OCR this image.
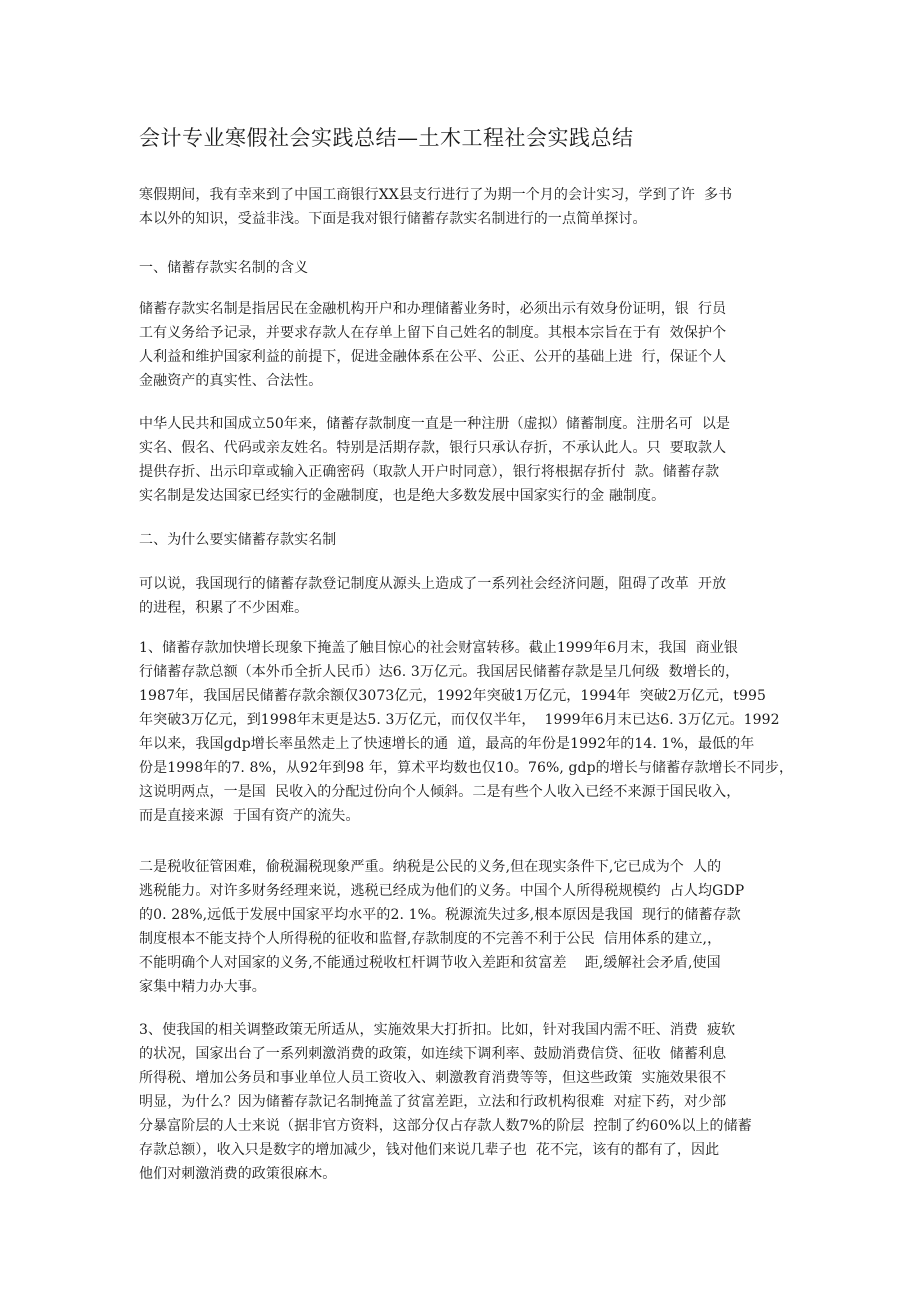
会计专业寒假社会实践总结—土木工程社会实践总结

寒假期间，我有幸来到了中国工商银行XX县支行进行了为期一个月的会计实习，学到了许  多书
本以外的知识，受益非浅。下面是我对银行储蓄存款实名制进行的一点简单探讨。

一、储蓄存款实名制的含义

储蓄存款实名制是指居民在金融机构开户和办理储蓄业务时，必须出示有效身份证明，银  行员
工有义务给予记录，并要求存款人在存单上留下自己姓名的制度。其根本宗旨在于有  效保护个
人利益和维护国家利益的前提下，促进金融体系在公平、公正、公开的基础上进  行，保证个人
金融资产的真实性、合法性。

中华人民共和国成立50年来，储蓄存款制度一直是一种注册（虚拟）储蓄制度。注册名可  以是
实名、假名、代码或亲友姓名。特别是活期存款，银行只承认存折，不承认此人。只  要取款人
提供存折、出示印章或输入正确密码（取款人开户时同意），银行将根据存折付  款。储蓄存款
实名制是发达国家已经实行的金融制度，也是绝大多数发展中国家实行的金 融制度。

二、为什么要实储蓄存款实名制

可以说，我国现行的储蓄存款登记制度从源头上造成了一系列社会经济问题，阻碍了改革  开放
的进程，积累了不少困难。

1、储蓄存款加快增长现象下掩盖了触目惊心的社会财富转移。截止1999年6月末，我国  商业银
行储蓄存款总额（本外币全折人民币）达6. 3万亿元。我国居民储蓄存款是呈几何级  数增长的，
1987年，我国居民储蓄存款余额仅3073亿元，1992年突破1万亿元，1994年  突破2万亿元，t995
年突破3万亿元，到1998年末更是达5. 3万亿元，而仅仅半年，  1999年6月末已达6. 3万亿元。1992
年以来，我国gdp增长率虽然走上了快速增长的通  道，最高的年份是1992年的14. 1%，最低的年
份是1998年的7. 8%，从92年到98 年，算术平均数也仅10。76%, gdp的增长与储蓄存款增长不同步，
这说明两点，一是国  民收入的分配过份向个人倾斜。二是有些个人收入已经不来源于国民收入，
而是直接来源  于国有资产的流失。

二是税收征管困难，偷税漏税现象严重。纳税是公民的义务,但在现实条件下,它已成为个  人的
逃税能力。对许多财务经理来说，逃税已经成为他们的义务。中国个人所得税规模约  占人均GDP
的0. 28%,远低于发展中国家平均水平的2. 1%。税源流失过多,根本原因是我国  现行的储蓄存款
制度根本不能支持个人所得税的征收和监督,存款制度的不完善不利于公民  信用体系的建立,，
不能明确个人对国家的义务,不能通过税收杠杆调节收入差距和贫富差    距,缓解社会矛盾,使国
家集中精力办大事。

3、使我国的相关调整政策无所适从，实施效果大打折扣。比如，针对我国内需不旺、消费  疲软
的状况，国家出台了一系列刺激消费的政策，如连续下调利率、鼓励消费信贷、征收  储蓄利息
所得税、增加公务员和事业单位人员工资收入、刺激教育消费等等，但这些政策  实施效果很不
明显，为什么？因为储蓄存款记名制掩盖了贫富差距，立法和行政机构很难  对症下药，对少部
分暴富阶层的人士来说（据非官方资料，这部分仅占存款人数7%的阶层  控制了约60%以上的储蓄
存款总额），收入只是数字的增加减少，钱对他们来说几辈子也  花不完，该有的都有了，因此
他们对刺激消费的政策很麻木。
